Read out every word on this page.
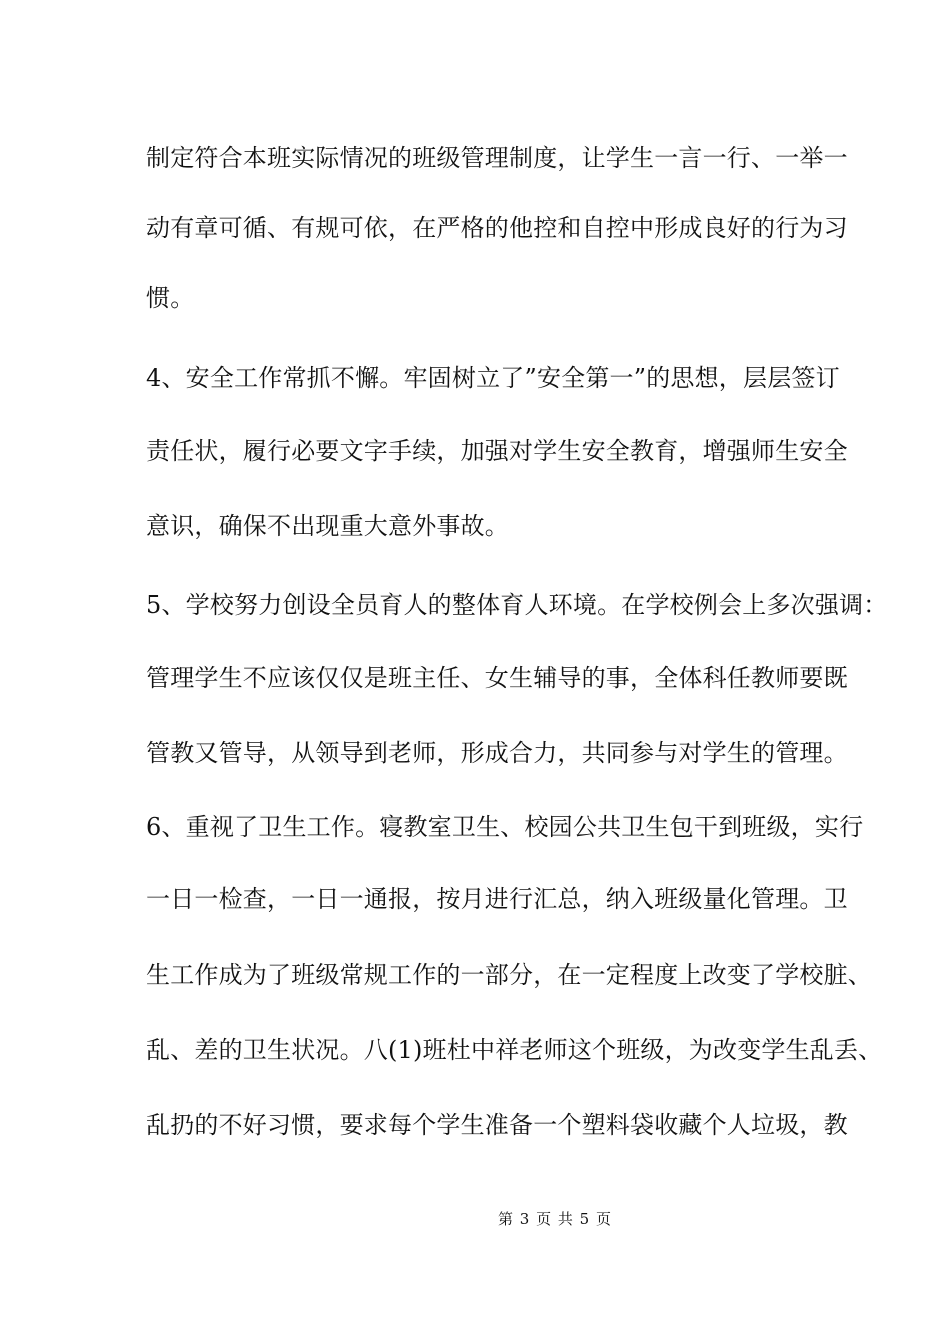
制定符合本班实际情况的班级管理制度，让学生一言一行、一举一
动有章可循、有规可依，在严格的他控和自控中形成良好的行为习
惯。
4、安全工作常抓不懈。牢固树立了”安全第一”的思想，层层签订
责任状，履行必要文字手续，加强对学生安全教育，增强师生安全
意识，确保不出现重大意外事故。
5、学校努力创设全员育人的整体育人环境。在学校例会上多次强调：
管理学生不应该仅仅是班主任、女生辅导的事，全体科任教师要既
管教又管导，从领导到老师，形成合力，共同参与对学生的管理。
6、重视了卫生工作。寝教室卫生、校园公共卫生包干到班级，实行
一日一检查，一日一通报，按月进行汇总，纳入班级量化管理。卫
生工作成为了班级常规工作的一部分，在一定程度上改变了学校脏、
乱、差的卫生状况。八(1)班杜中祥老师这个班级，为改变学生乱丢、
乱扔的不好习惯，要求每个学生准备一个塑料袋收藏个人垃圾，教
第 3 页 共 5 页
